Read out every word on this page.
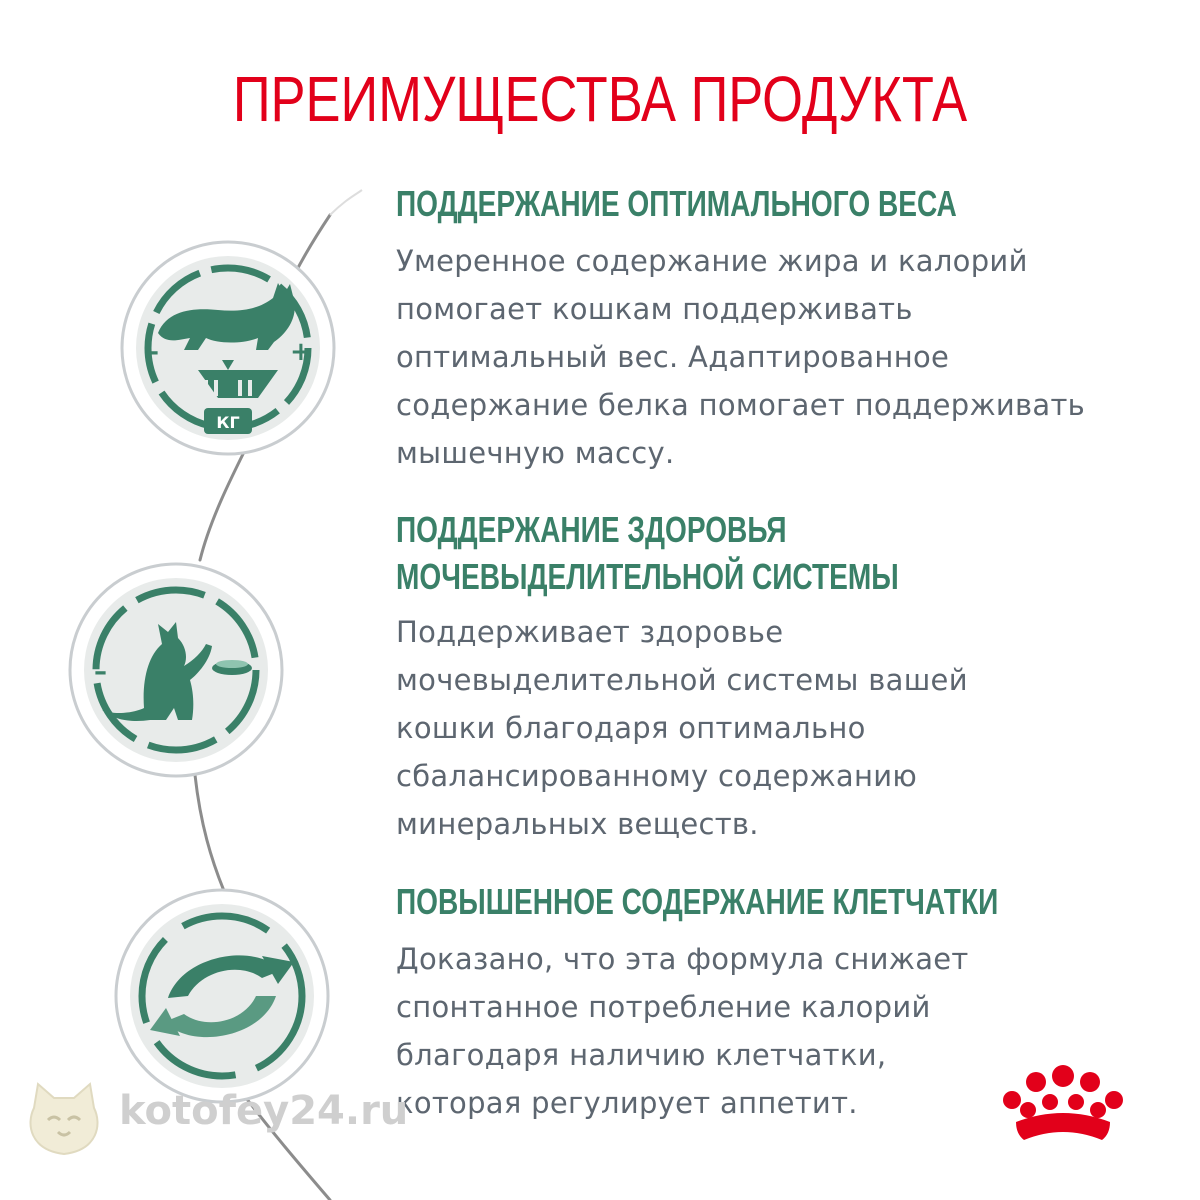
ПРЕИМУЩЕСТВА ПРОДУКТА
–	+
КГ
–
ПОДДЕРЖАНИЕ ОПТИМАЛЬНОГО ВЕСА

Умеренное содержание жира и калорий

помогает кошкам поддерживать

оптимальный вес. Адаптированное

содержание белка помогает поддерживать

мышечную массу.

ПОДДЕРЖАНИЕ ЗДОРОВЬЯ
МОЧЕВЫДЕЛИТЕЛЬНОЙ СИСТЕМЫ

Поддерживает здоровье

мочевыделительной системы вашей

кошки благодаря оптимально

сбалансированному содержанию

минеральных веществ.

ПОВЫШЕННОЕ СОДЕРЖАНИЕ КЛЕТЧАТКИ

Доказано, что эта формула снижает

спонтанное потребление калорий

благодаря наличию клетчатки,

которая регулирует аппетит.

kotofey24.ru
